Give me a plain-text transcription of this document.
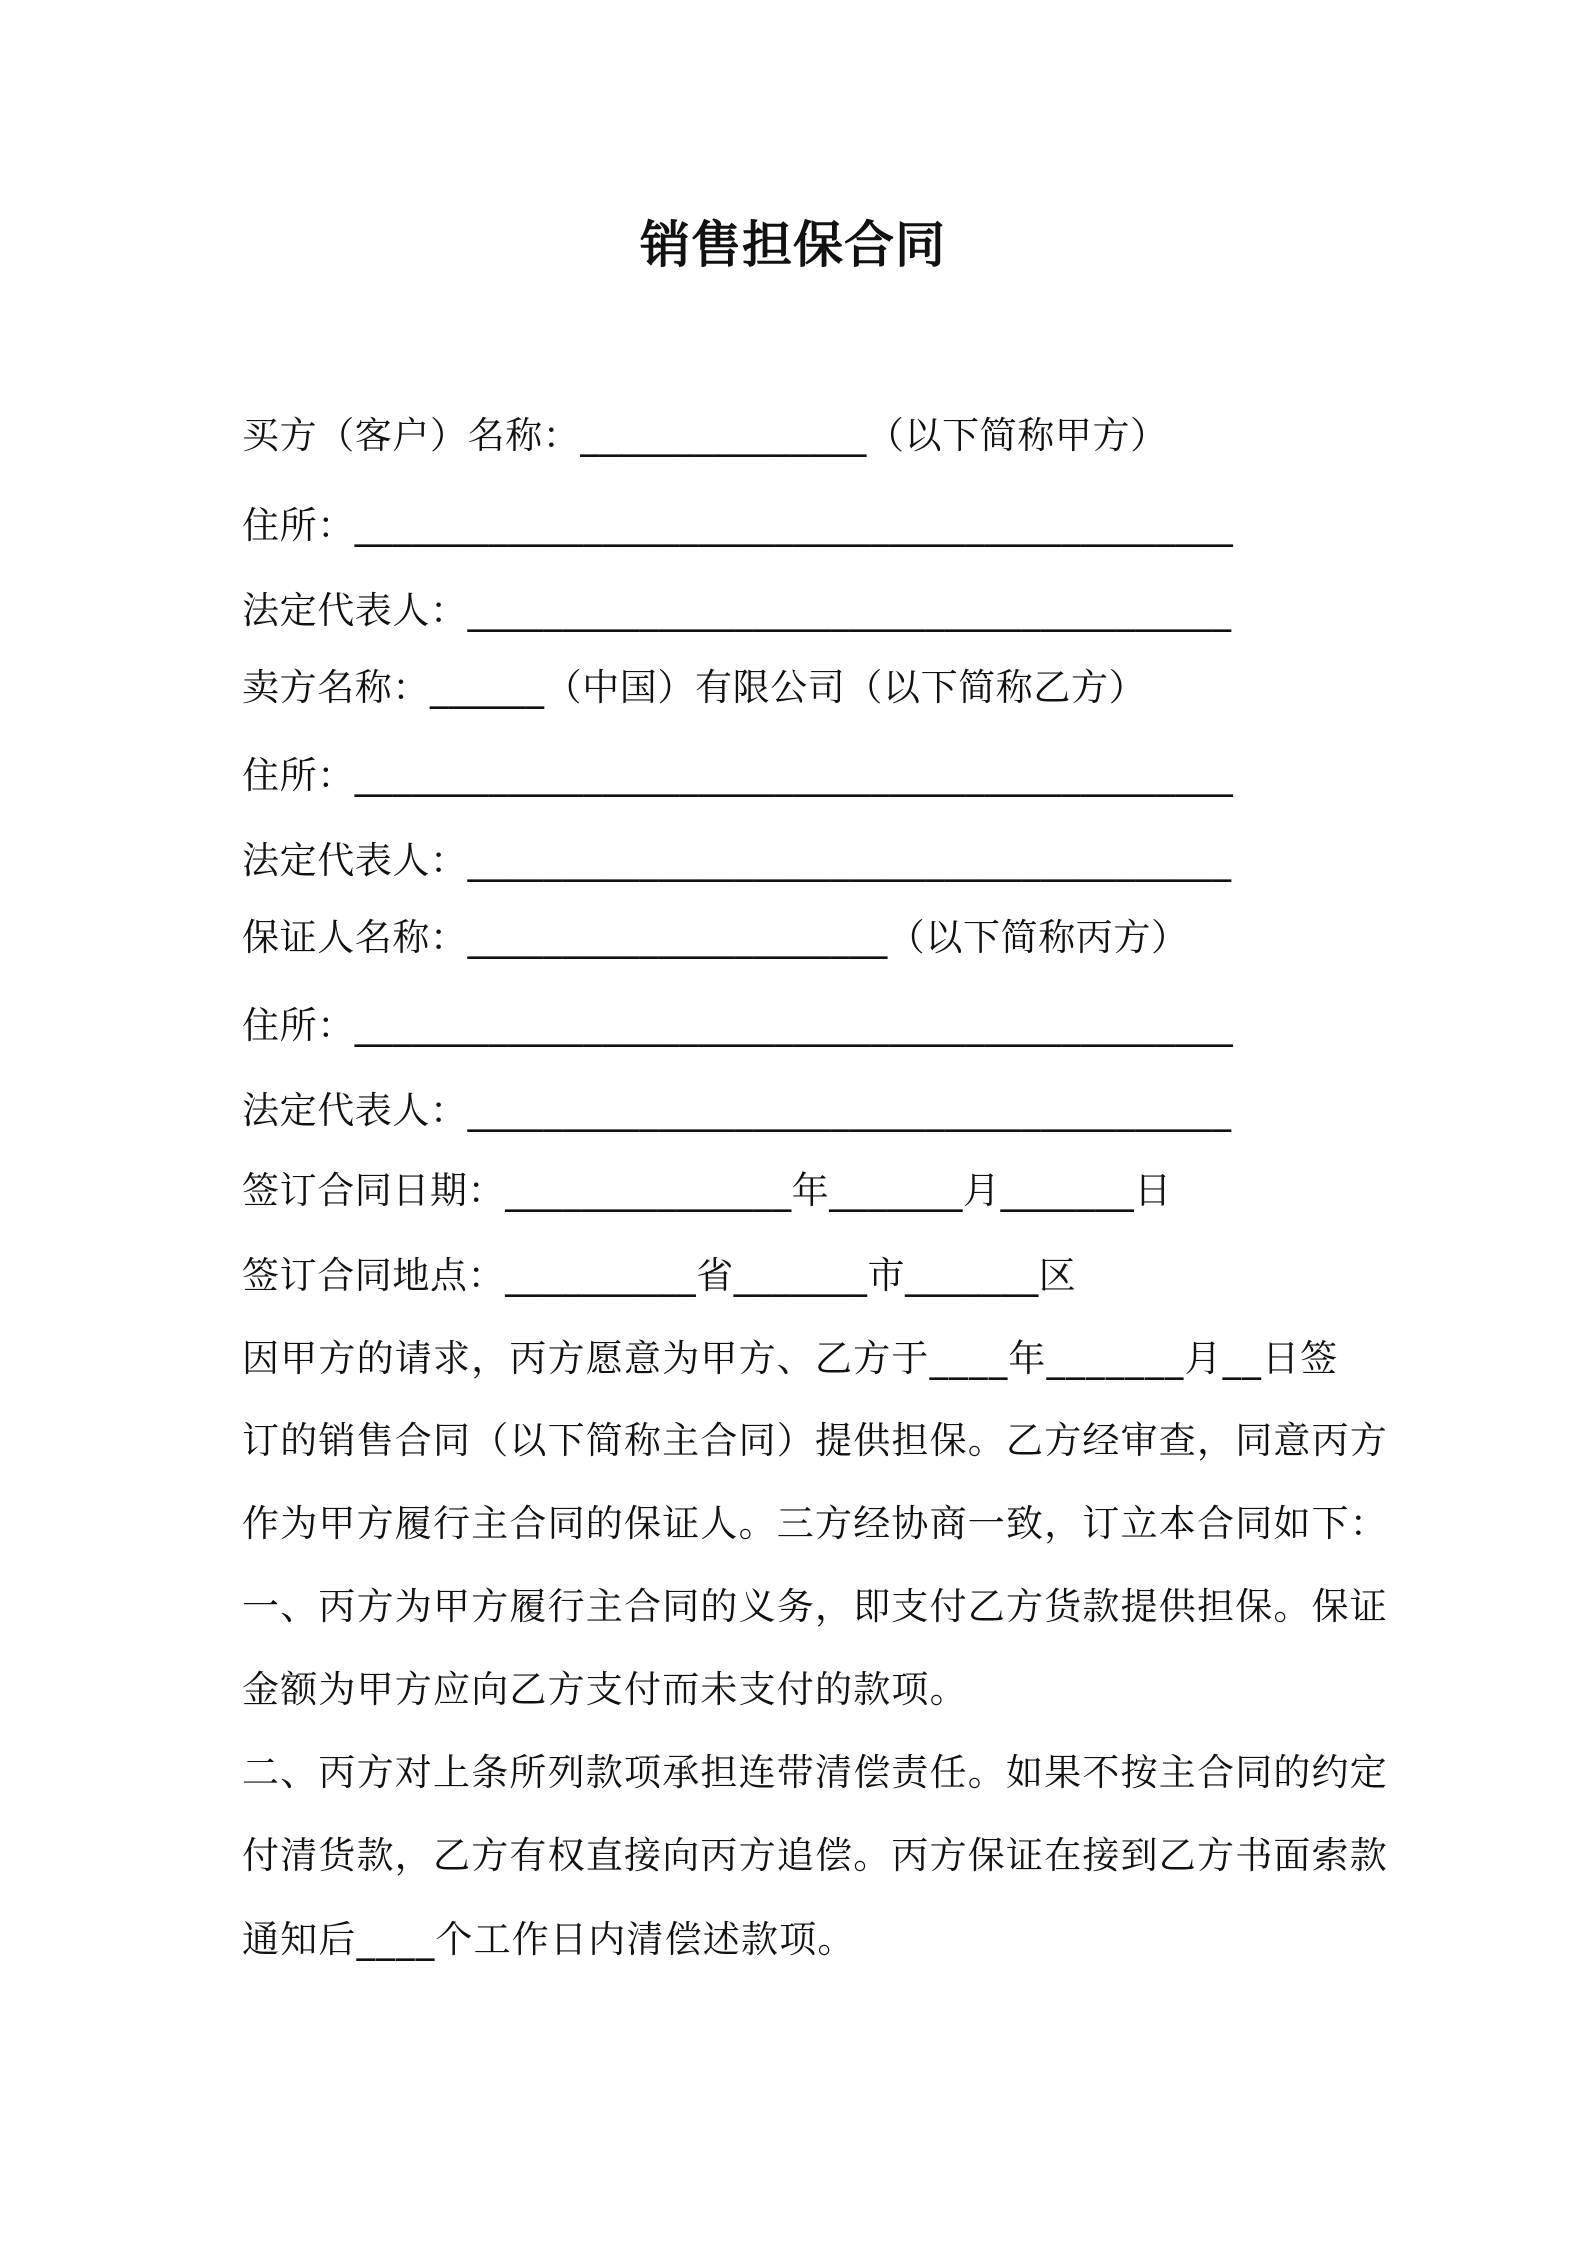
销售担保合同
买方（客户）名称：_______________（以下简称甲方）
住所：______________________________________________
法定代表人：________________________________________
卖方名称：______（中国）有限公司（以下简称乙方）
住所：______________________________________________
法定代表人：________________________________________
保证人名称：______________________（以下简称丙方）
住所：______________________________________________
法定代表人：________________________________________
签订合同日期：_______________年_______月_______日
签订合同地点：__________省_______市_______区
因甲方的请求，丙方愿意为甲方、乙方于____年_______月__日签
订的销售合同（以下简称主合同）提供担保。乙方经审查，同意丙方
作为甲方履行主合同的保证人。三方经协商一致，订立本合同如下：
一、丙方为甲方履行主合同的义务，即支付乙方货款提供担保。保证
金额为甲方应向乙方支付而未支付的款项。
二、丙方对上条所列款项承担连带清偿责任。如果不按主合同的约定
付清货款，乙方有权直接向丙方追偿。丙方保证在接到乙方书面索款
通知后____个工作日内清偿述款项。
